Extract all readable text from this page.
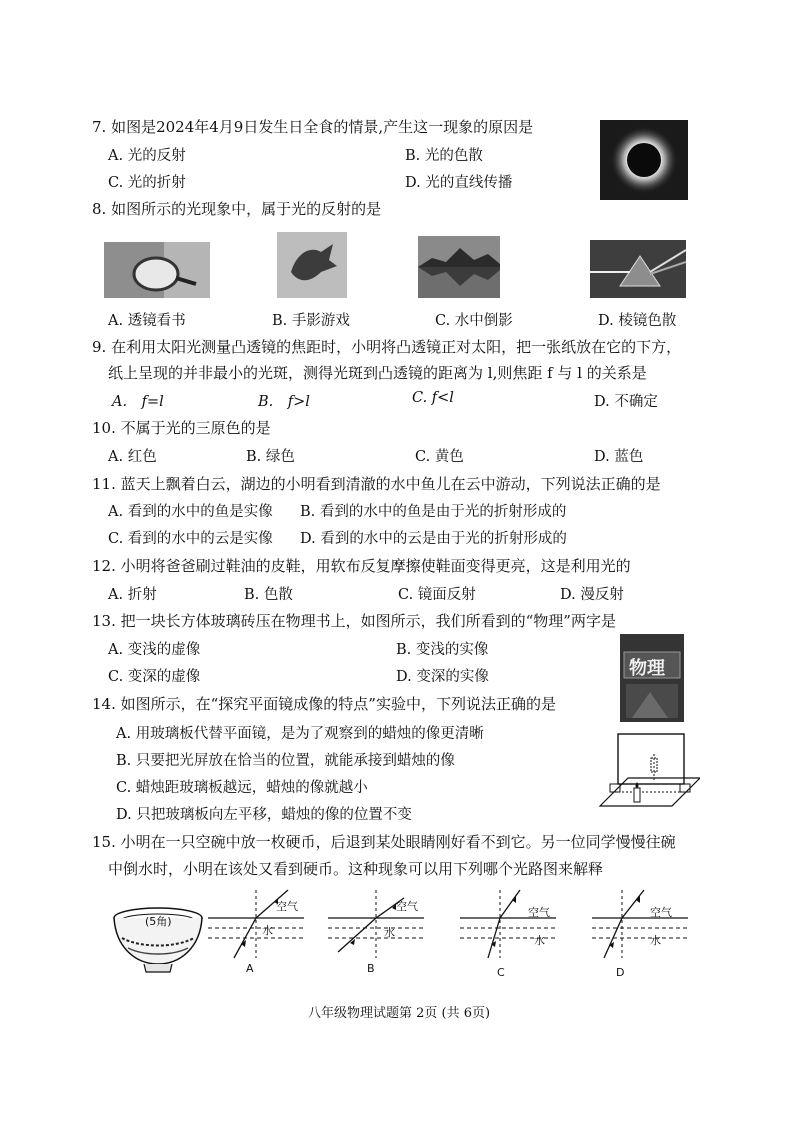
7. 如图是2024年4月9日发生日全食的情景,产生这一现象的原因是
A. 光的反射	B. 光的色散
C. 光的折射	D. 光的直线传播
8. 如图所示的光现象中，属于光的反射的是
A. 透镜看书	B. 手影游戏	C. 水中倒影	D. 棱镜色散
9. 在利用太阳光测量凸透镜的焦距时，小明将凸透镜正对太阳，把一张纸放在它的下方，
纸上呈现的并非最小的光斑，测得光斑到凸透镜的距离为 l,则焦距 f 与 l 的关系是
A.　f=l	B.　f>l	C. f<l	D. 不确定
10. 不属于光的三原色的是
A. 红色	B. 绿色	C. 黄色	D. 蓝色
11. 蓝天上飘着白云，湖边的小明看到清澈的水中鱼儿在云中游动，下列说法正确的是
A. 看到的水中的鱼是实像 B. 看到的水中的鱼是由于光的折射形成的
C. 看到的水中的云是实像 D. 看到的水中的云是由于光的折射形成的
12. 小明将爸爸刷过鞋油的皮鞋，用软布反复摩擦使鞋面变得更亮，这是利用光的
A. 折射	B. 色散	C. 镜面反射	D. 漫反射
13. 把一块长方体玻璃砖压在物理书上，如图所示，我们所看到的“物理”两字是
A. 变浅的虚像	B. 变浅的实像
C. 变深的虚像	D. 变深的实像	物理
14. 如图所示，在“探究平面镜成像的特点”实验中，下列说法正确的是
A. 用玻璃板代替平面镜，是为了观察到的蜡烛的像更清晰
B. 只要把光屏放在恰当的位置，就能承接到蜡烛的像
C. 蜡烛距玻璃板越远，蜡烛的像就越小
D. 只把玻璃板向左平移，蜡烛的像的位置不变
15. 小明在一只空碗中放一枚硬币，后退到某处眼睛刚好看不到它。另一位同学慢慢往碗
中倒水时，小明在该处又看到硬币。这种现象可以用下列哪个光路图来解释
(5角)
空气
水
A
空气
水
B
空气
水
C
空气
水
D
八年级物理试题第 2页 (共 6页)
